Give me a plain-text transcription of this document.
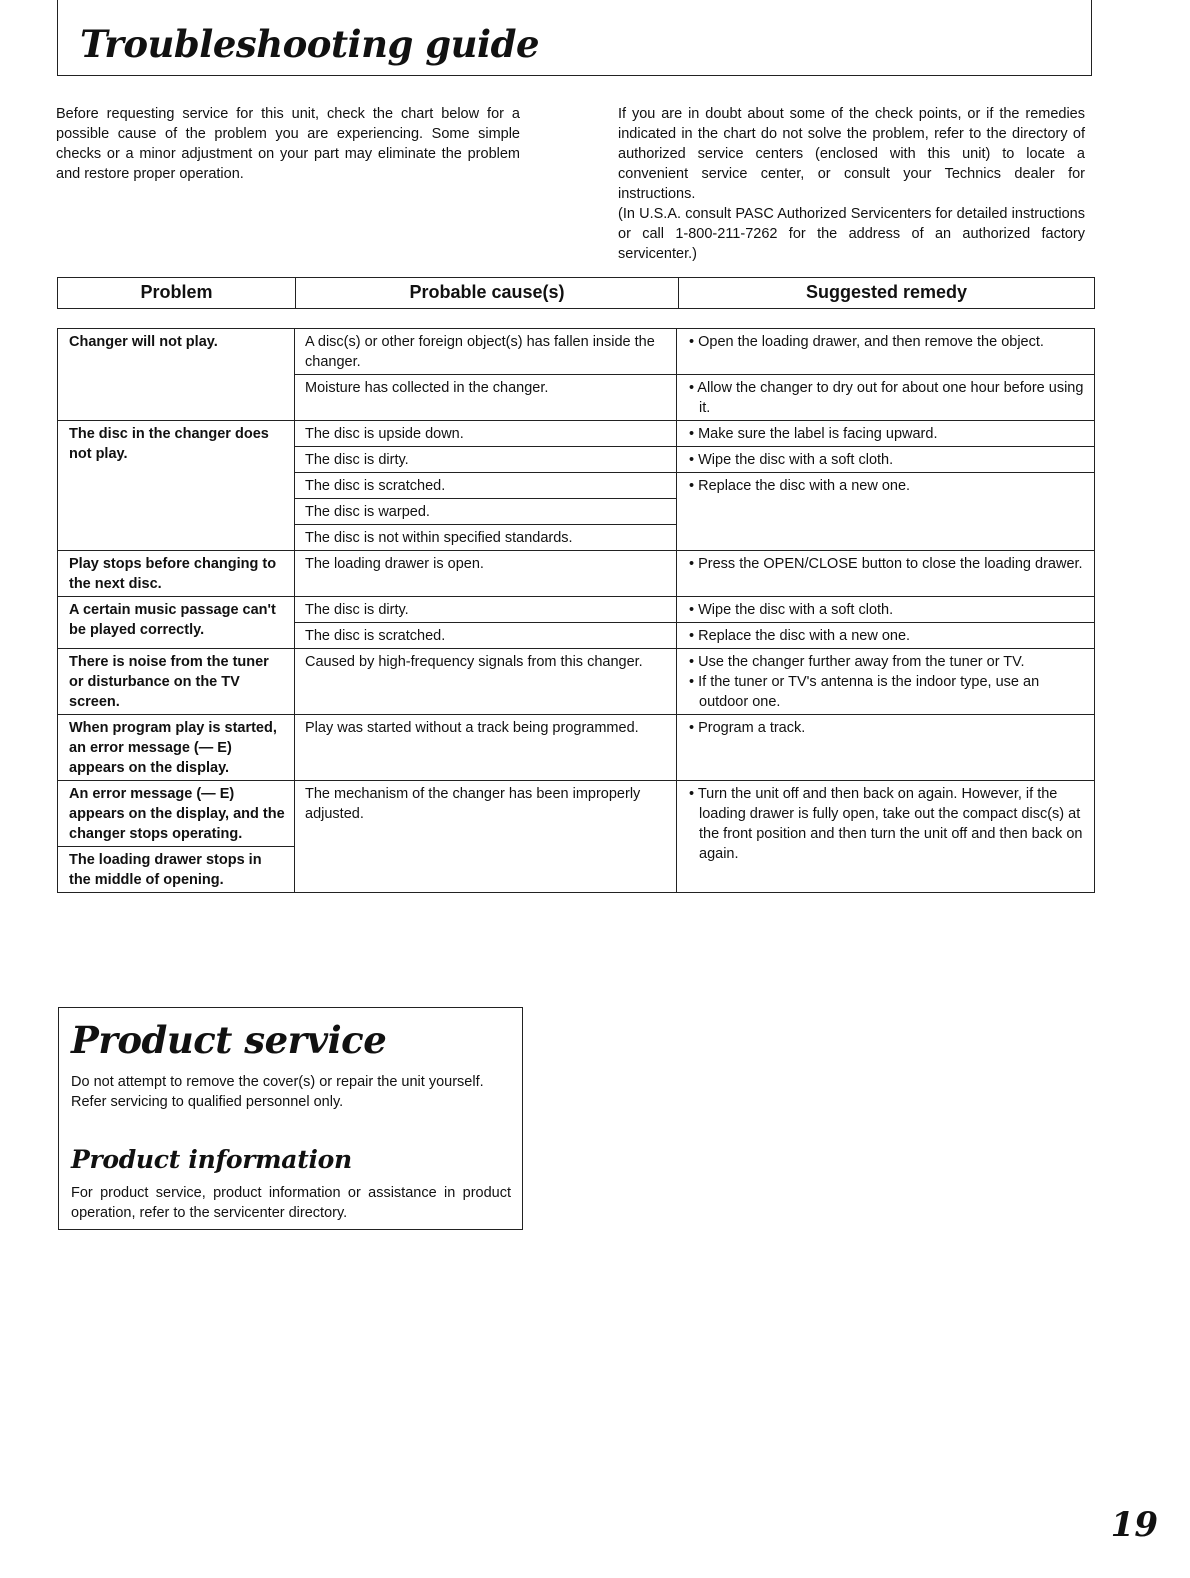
Troubleshooting guide

Before requesting service for this unit, check the chart below for a possible cause of the problem you are experiencing. Some simple checks or a minor adjustment on your part may eliminate the problem and restore proper operation.

If you are in doubt about some of the check points, or if the remedies indicated in the chart do not solve the problem, refer to the directory of authorized service centers (enclosed with this unit) to locate a convenient service center, or consult your Technics dealer for instructions.

(In U.S.A. consult PASC Authorized Servicenters for detailed instructions or call 1-800-211-7262 for the address of an authorized factory servicenter.)

Problem	Probable cause(s)	Suggested remedy
Changer will not play.	A disc(s) or other foreign object(s) has fallen inside the changer.	• Open the loading drawer, and then remove the object.

	Moisture has collected in the changer.	• Allow the changer to dry out for about one hour before using it.

The disc in the changer does not play.	The disc is upside down.	• Make sure the label is facing upward.

	The disc is dirty.	• Wipe the disc with a soft cloth.

	The disc is scratched.	• Replace the disc with a new one.

	The disc is warped.	
	The disc is not within specified standards.	
Play stops before changing to the next disc.	The loading drawer is open.	• Press the OPEN/CLOSE button to close the loading drawer.

A certain music passage can't be played correctly.	The disc is dirty.	• Wipe the disc with a soft cloth.

	The disc is scratched.	• Replace the disc with a new one.

There is noise from the tuner or disturbance on the TV screen.	Caused by high-frequency signals from this changer.	• Use the changer further away from the tuner or TV.
• If the tuner or TV's antenna is the indoor type, use an outdoor one.

When program play is started, an error message (— E) appears on the display.	Play was started without a track being programmed.	• Program a track.

An error message (— E) appears on the display, and the changer stops operating.	The mechanism of the changer has been improperly adjusted.	• Turn the unit off and then back on again. However, if the loading drawer is fully open, take out the compact disc(s) at the front position and then turn the unit off and then back on again.

The loading drawer stops in the middle of opening.		
Product service

Do not attempt to remove the cover(s) or repair the unit yourself.

Refer servicing to qualified personnel only.

Product information

For product service, product information or assistance in product operation, refer to the servicenter directory.

19
